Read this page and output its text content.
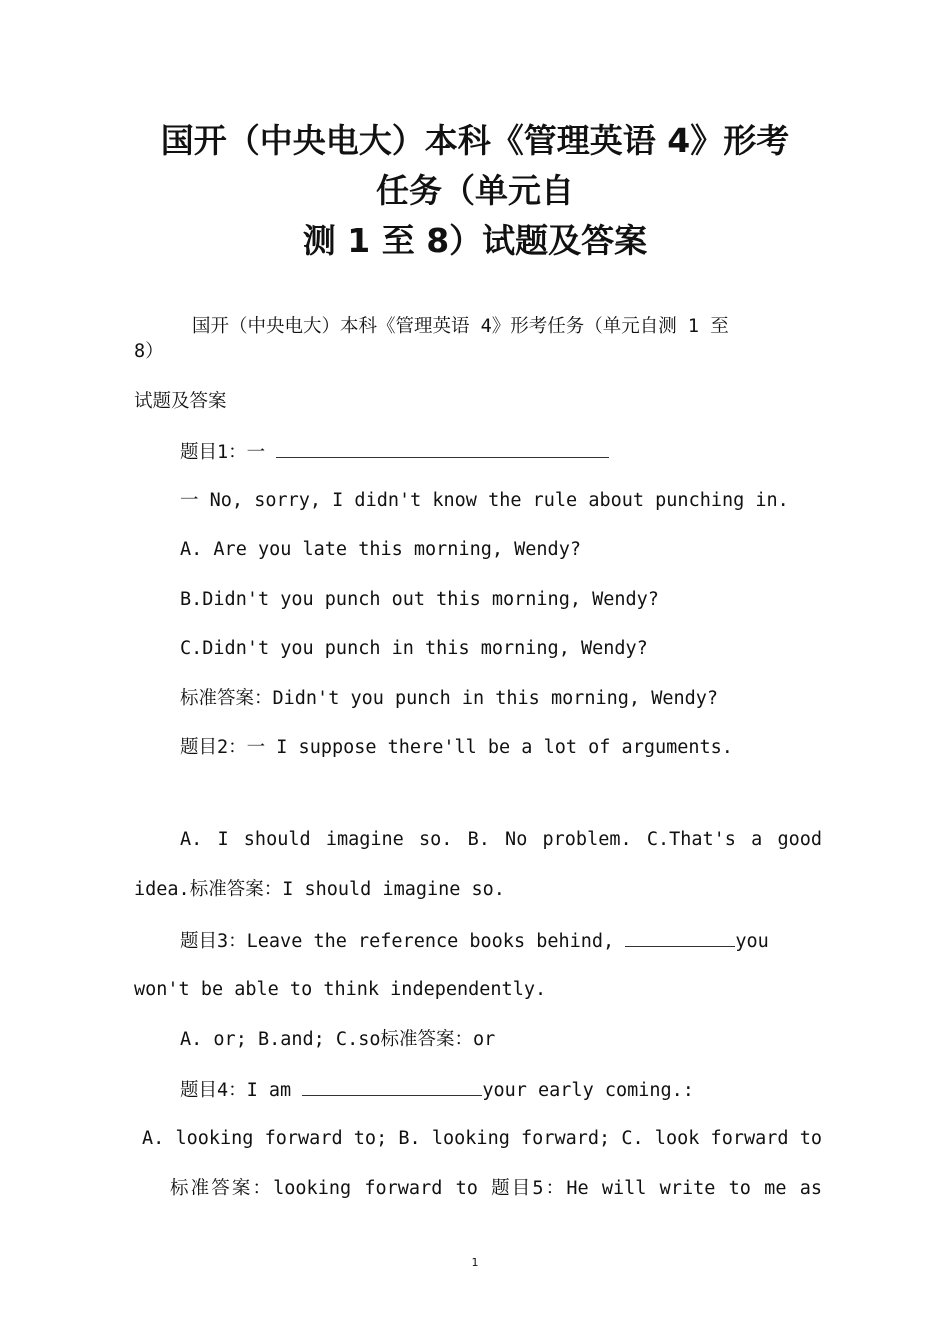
国开（中央电大）本科《管理英语 4》形考
任务（单元自
测 1 至 8）试题及答案
国开（中央电大）本科《管理英语 4》形考任务（单元自测 1 至
8）
试题及答案
题目1：一
一 No, sorry, I didn't know the rule about punching in.
A. Are you late this morning, Wendy?
B.Didn't you punch out this morning, Wendy?
C.Didn't you punch in this morning, Wendy?
标准答案：Didn't you punch in this morning, Wendy?
题目2：一 I suppose there'll be a lot of arguments.
A. I should imagine so. B. No problem. C.That's a good
idea.标准答案：I should imagine so.
题目3：Leave the reference books behind,	you
won't be able to think independently.
A. or; B.and; C.so标准答案：or
题目4：I am	your early coming.:
A. looking forward to; B. looking forward; C. look forward to
标准答案：looking forward to 题目5：He will write to me as
1
